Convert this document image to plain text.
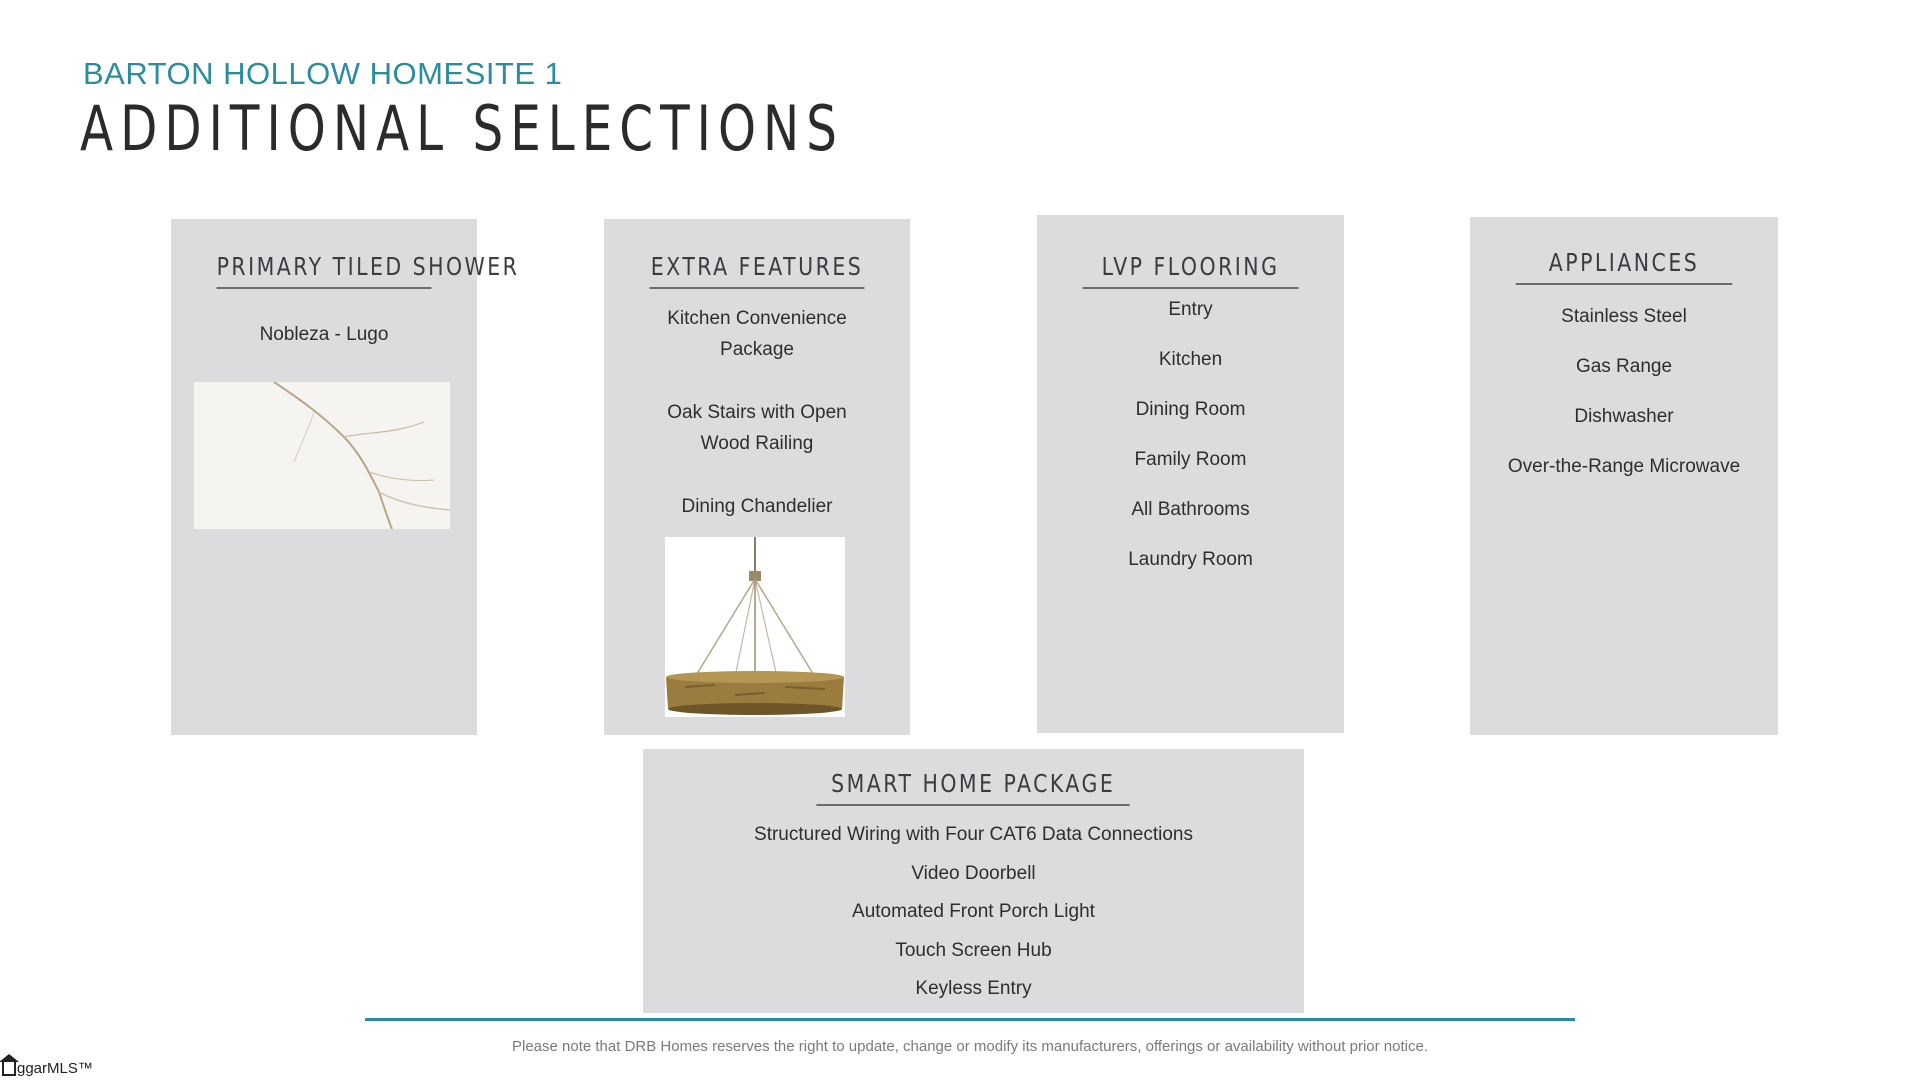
BARTON HOLLOW HOMESITE 1
ADDITIONAL SELECTIONS
PRIMARY TILED SHOWER
Nobleza - Lugo
EXTRA FEATURES
Kitchen Convenience Package
Oak Stairs with Open Wood Railing
Dining Chandelier
LVP FLOORING
Entry
Kitchen
Dining Room
Family Room
All Bathrooms
Laundry Room
APPLIANCES
Stainless Steel
Gas Range
Dishwasher
Over-the-Range Microwave
SMART HOME PACKAGE
Structured Wiring with Four CAT6 Data Connections
Video Doorbell
Automated Front Porch Light
Touch Screen Hub
Keyless Entry
Please note that DRB Homes reserves the right to update, change or modify its manufacturers, offerings or availability without prior notice.
ggarMLS™
